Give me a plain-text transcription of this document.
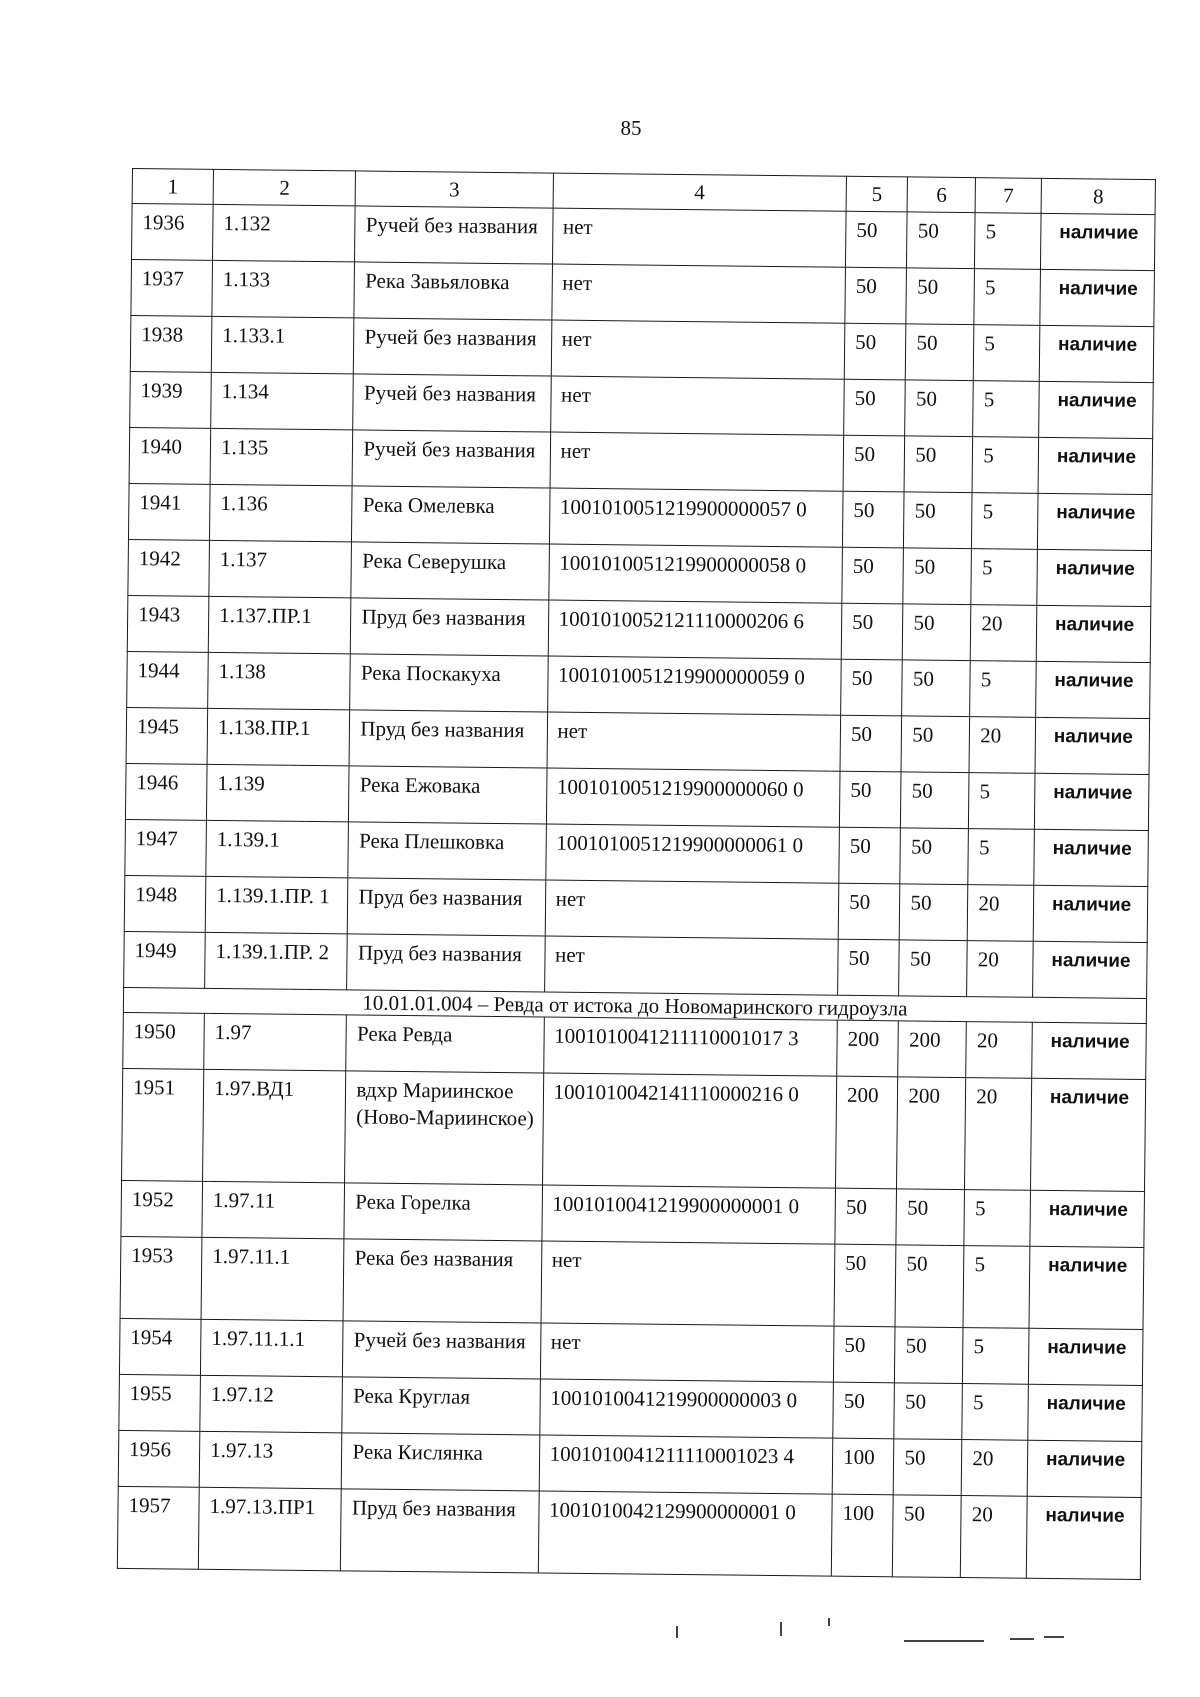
85
1	2	3	4	5	6	7	8
1936	1.132	Ручей без названия	нет	50	50	5	наличие
1937	1.133	Река Завьяловка	нет	50	50	5	наличие
1938	1.133.1	Ручей без названия	нет	50	50	5	наличие
1939	1.134	Ручей без названия	нет	50	50	5	наличие
1940	1.135	Ручей без названия	нет	50	50	5	наличие
1941	1.136	Река Омелевка	1001010051219900000057 0	50	50	5	наличие
1942	1.137	Река Северушка	1001010051219900000058 0	50	50	5	наличие
1943	1.137.ПР.1	Пруд без названия	1001010052121110000206 6	50	50	20	наличие
1944	1.138	Река Поскакуха	1001010051219900000059 0	50	50	5	наличие
1945	1.138.ПР.1	Пруд без названия	нет	50	50	20	наличие
1946	1.139	Река Ежовака	1001010051219900000060 0	50	50	5	наличие
1947	1.139.1	Река Плешковка	1001010051219900000061 0	50	50	5	наличие
1948	1.139.1.ПР. 1	Пруд без названия	нет	50	50	20	наличие
1949	1.139.1.ПР. 2	Пруд без названия	нет	50	50	20	наличие
10.01.01.004 – Ревда от истока до Новомаринского гидроузла							
1950	1.97	Река Ревда	1001010041211110001017 3	200	200	20	наличие
1951	1.97.ВД1	вдхр Мариинское (Ново-Мариинское)	1001010042141110000216 0	200	200	20	наличие
1952	1.97.11	Река Горелка	1001010041219900000001 0	50	50	5	наличие
1953	1.97.11.1	Река без названия	нет	50	50	5	наличие
1954	1.97.11.1.1	Ручей без названия	нет	50	50	5	наличие
1955	1.97.12	Река Круглая	1001010041219900000003 0	50	50	5	наличие
1956	1.97.13	Река Кислянка	1001010041211110001023 4	100	50	20	наличие
1957	1.97.13.ПР1	Пруд без названия	1001010042129900000001 0	100	50	20	наличие
